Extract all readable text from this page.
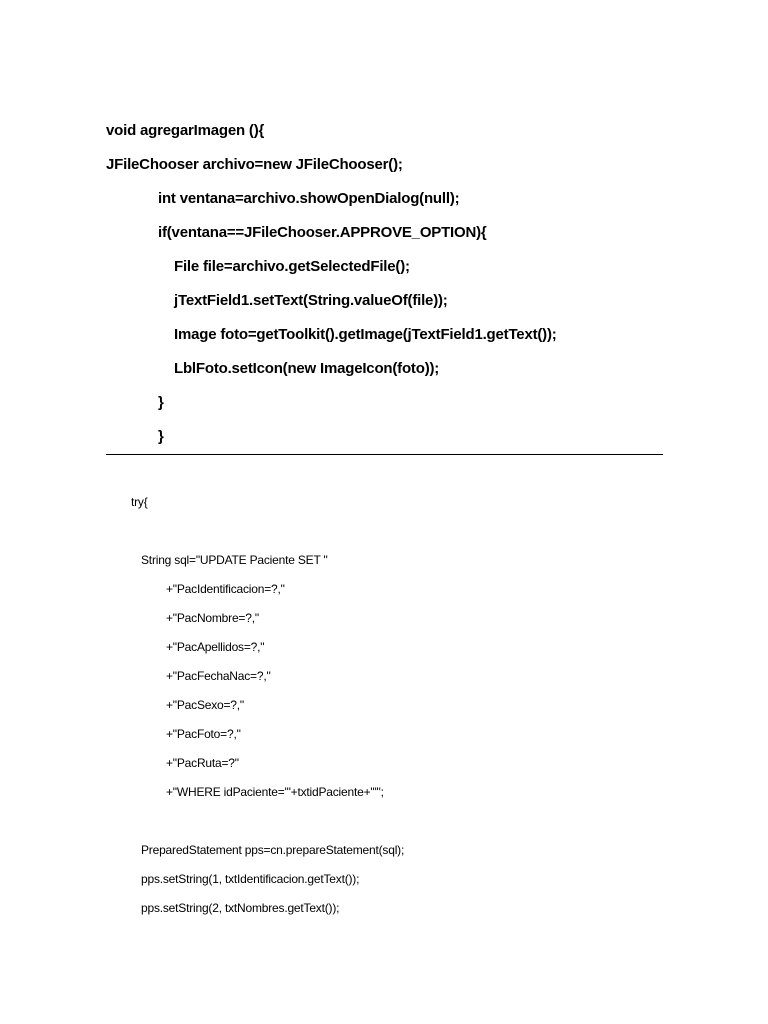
void agregarImagen (){
JFileChooser archivo=new JFileChooser();
int ventana=archivo.showOpenDialog(null);
if(ventana==JFileChooser.APPROVE_OPTION){
File file=archivo.getSelectedFile();
jTextField1.setText(String.valueOf(file));
Image foto=getToolkit().getImage(jTextField1.getText());
LblFoto.setIcon(new ImageIcon(foto));
}
}
try{
String sql="UPDATE Paciente SET "
+"PacIdentificacion=?,"
+"PacNombre=?,"
+"PacApellidos=?,"
+"PacFechaNac=?,"
+"PacSexo=?,"
+"PacFoto=?,"
+"PacRuta=?"
+"WHERE idPaciente='"+txtidPaciente+"'";
PreparedStatement pps=cn.prepareStatement(sql);
pps.setString(1, txtIdentificacion.getText());
pps.setString(2, txtNombres.getText());
